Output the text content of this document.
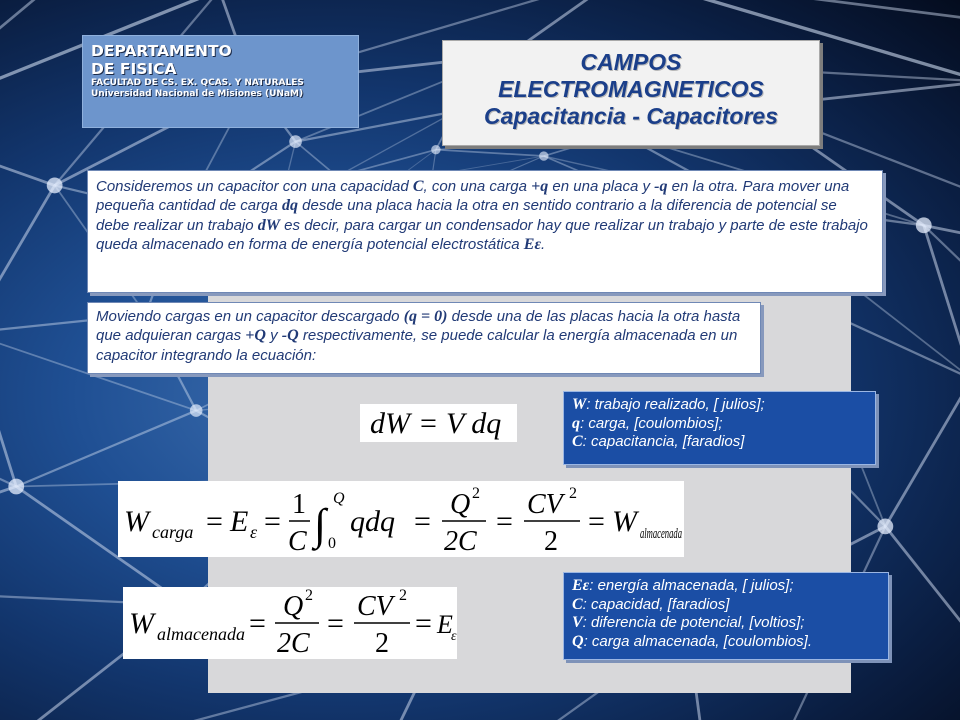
DEPARTAMENTO
DE FISICA
FACULTAD DE CS. EX. QCAS. Y NATURALES
Universidad Nacional de Misiones (UNaM)
CAMPOS
ELECTROMAGNETICOS
Capacitancia - Capacitores
Consideremos un capacitor con una capacidad C, con una carga +q en una placa y -q en la otra. Para mover una pequeña cantidad de carga dq desde una placa hacia la otra en sentido contrario a la diferencia de potencial se debe realizar un trabajo dW es decir, para cargar un condensador hay que realizar un trabajo y parte de este trabajo queda almacenado en forma de energía potencial electrostática Eε.
Moviendo cargas en un capacitor descargado (q = 0) desde una de las placas hacia la otra hasta que adquieran cargas +Q y -Q respectivamente, se puede calcular la energía almacenada en un capacitor integrando la ecuación:
dW = V dq
W carga = E ε =
1
C ∫
Q
0
qdq =
Q 2
2C
=
CV 2
2
= W almacenada
W almacenada =
Q 2
2C
=
CV 2
2
= E
ε
W: trabajo realizado, [ julios];
q: carga, [coulombios];
C: capacitancia, [faradios]
Eε: energía almacenada, [ julios];
C: capacidad, [faradios]
V: diferencia de potencial, [voltios];
Q: carga almacenada, [coulombios].
